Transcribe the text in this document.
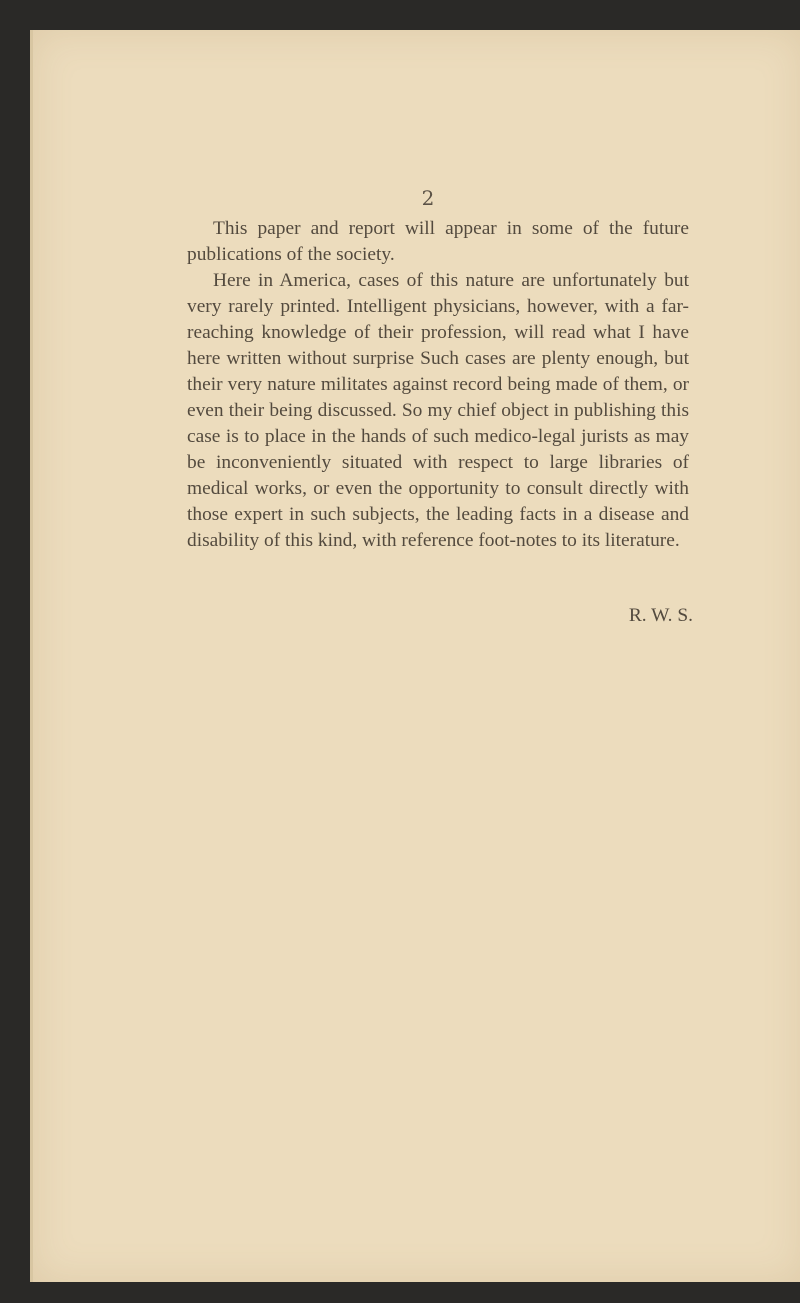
2

This paper and report will appear in some of the future publications of the society.

Here in America, cases of this nature are unfortunately but very rarely printed. Intelligent physicians, however, with a far-reaching knowledge of their profession, will read what I have here written without surprise Such cases are plenty enough, but their very nature militates against record being made of them, or even their being discussed. So my chief object in publishing this case is to place in the hands of such medico-legal jurists as may be inconveniently situated with respect to large libraries of medical works, or even the opportunity to consult directly with those expert in such subjects, the leading facts in a disease and disability of this kind, with reference foot-notes to its literature.

R. W. S.
